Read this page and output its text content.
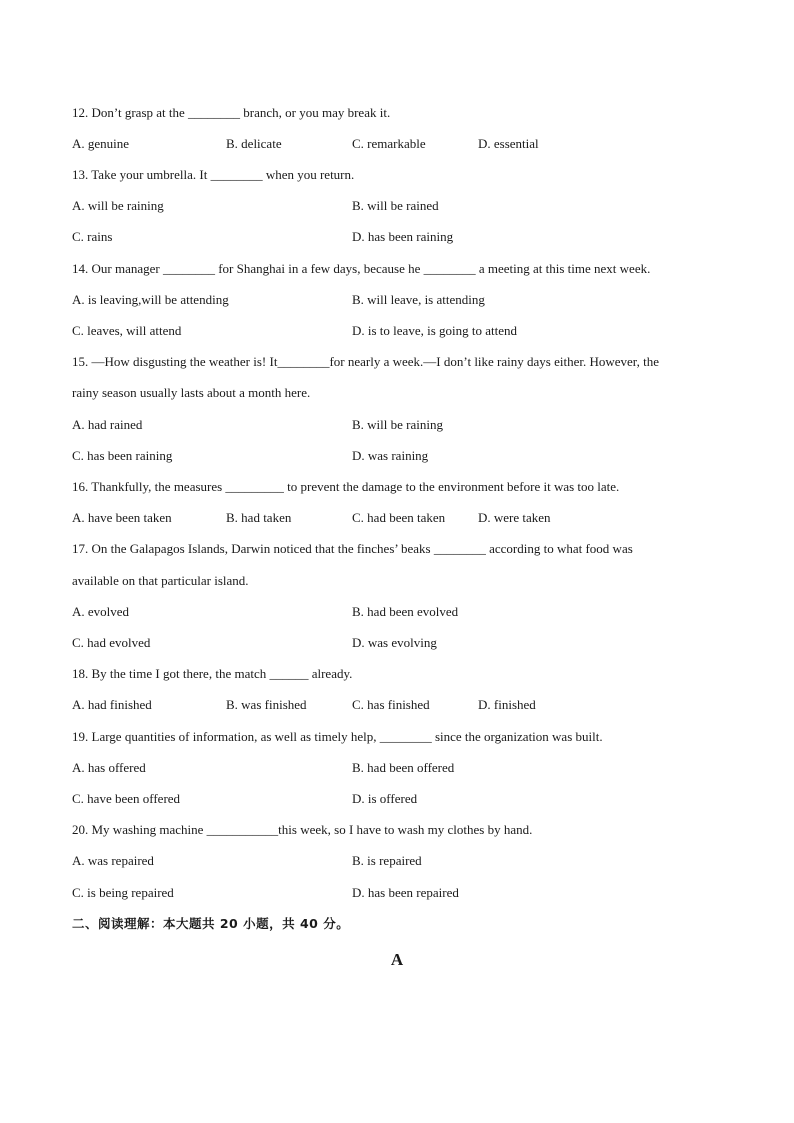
12. Don’t grasp at the ________ branch, or you may break it.
A. genuine	B. delicate	C. remarkable	D. essential
13. Take your umbrella. It ________ when you return.
A. will be raining	B. will be rained
C. rains	D. has been raining
14. Our manager ________ for Shanghai in a few days, because he ________ a meeting at this time next week.
A. is leaving,will be attending	B. will leave, is attending
C. leaves, will attend	D. is to leave, is going to attend
15. —How disgusting the weather is! It________for nearly a week.—I don’t like rainy days either. However, the
rainy season usually lasts about a month here.
A. had rained	B. will be raining
C. has been raining	D. was raining
16. Thankfully, the measures _________ to prevent the damage to the environment before it was too late.
A. have been taken	B. had taken	C. had been taken	D. were taken
17. On the Galapagos Islands, Darwin noticed that the finches’ beaks ________ according to what food was
available on that particular island.
A. evolved	B. had been evolved
C. had evolved	D. was evolving
18. By the time I got there, the match ______ already.
A. had finished	B. was finished	C. has finished	D. finished
19. Large quantities of information, as well as timely help, ________ since the organization was built.
A. has offered	B. had been offered
C. have been offered	D. is offered
20. My washing machine ___________this week, so I have to wash my clothes by hand.
A. was repaired	B. is repaired
C. is being repaired	D. has been repaired
二、阅读理解：本大题共 20 小题，共 40 分。
A
